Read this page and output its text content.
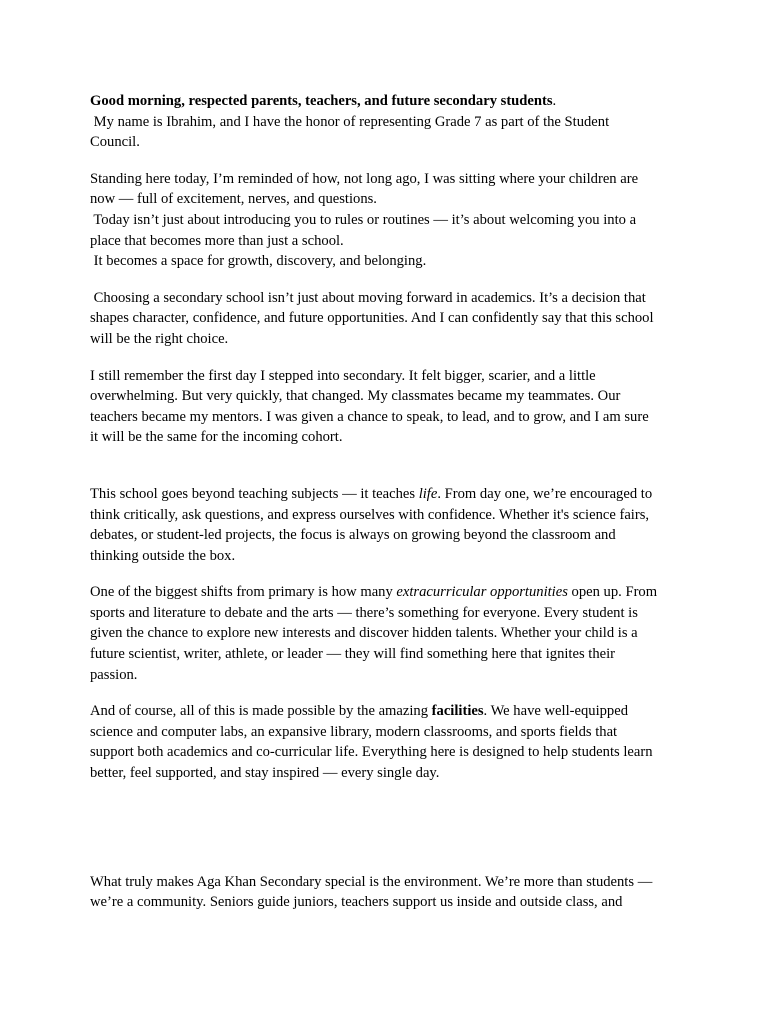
Good morning, respected parents, teachers, and future secondary students.
My name is Ibrahim, and I have the honor of representing Grade 7 as part of the Student
Council.
Standing here today, I’m reminded of how, not long ago, I was sitting where your children are
now — full of excitement, nerves, and questions.
Today isn’t just about introducing you to rules or routines — it’s about welcoming you into a
place that becomes more than just a school.
It becomes a space for growth, discovery, and belonging.
Choosing a secondary school isn’t just about moving forward in academics. It’s a decision that
shapes character, confidence, and future opportunities. And I can confidently say that this school
will be the right choice.
I still remember the first day I stepped into secondary. It felt bigger, scarier, and a little
overwhelming. But very quickly, that changed. My classmates became my teammates. Our
teachers became my mentors. I was given a chance to speak, to lead, and to grow, and I am sure
it will be the same for the incoming cohort.
This school goes beyond teaching subjects — it teaches life. From day one, we’re encouraged to
think critically, ask questions, and express ourselves with confidence. Whether it's science fairs,
debates, or student-led projects, the focus is always on growing beyond the classroom and
thinking outside the box.
One of the biggest shifts from primary is how many extracurricular opportunities open up. From
sports and literature to debate and the arts — there’s something for everyone. Every student is
given the chance to explore new interests and discover hidden talents. Whether your child is a
future scientist, writer, athlete, or leader — they will find something here that ignites their
passion.
And of course, all of this is made possible by the amazing facilities. We have well-equipped
science and computer labs, an expansive library, modern classrooms, and sports fields that
support both academics and co-curricular life. Everything here is designed to help students learn
better, feel supported, and stay inspired — every single day.
What truly makes Aga Khan Secondary special is the environment. We’re more than students —
we’re a community. Seniors guide juniors, teachers support us inside and outside class, and
